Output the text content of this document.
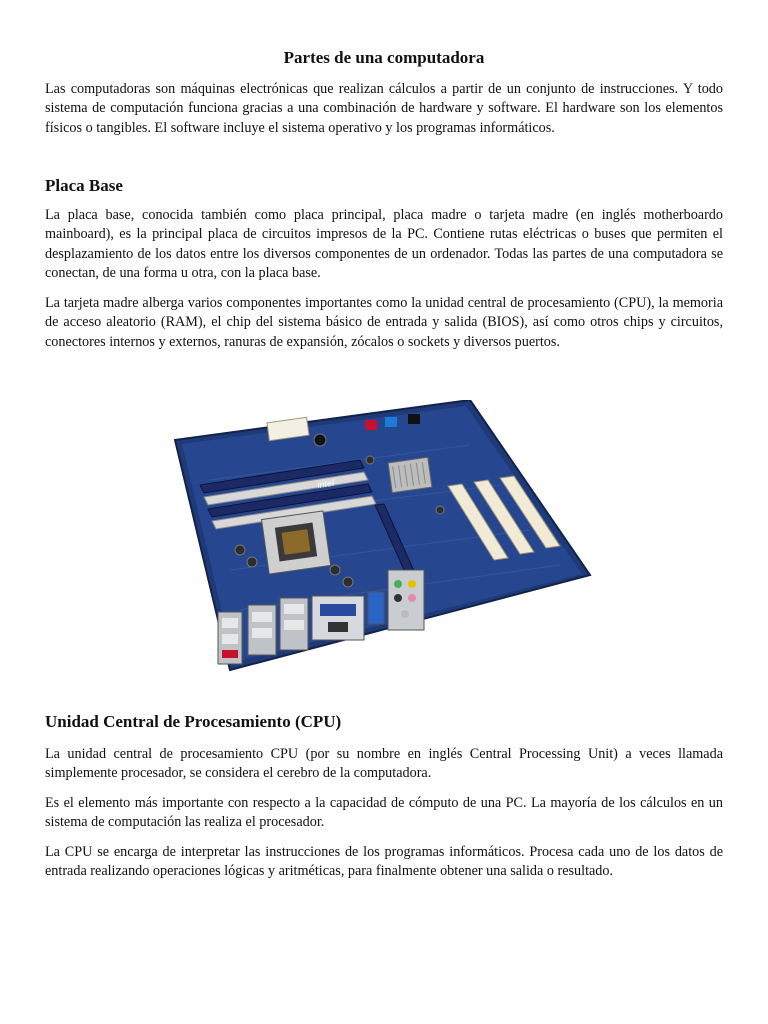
Partes de una computadora

Las computadoras son máquinas electrónicas que realizan cálculos a partir de un conjunto de instrucciones. Y todo sistema de computación funciona gracias a una combinación de hardware y software. El hardware son los elementos físicos o tangibles. El software incluye el sistema operativo y los programas informáticos.

Placa Base

La placa base, conocida también como placa principal, placa madre o tarjeta madre (en inglés motherboardo mainboard), es la principal placa de circuitos impresos de la PC. Contiene rutas eléctricas o buses que permiten el desplazamiento de los datos entre los diversos componentes de un ordenador. Todas las partes de una computadora se conectan, de una forma u otra, con la placa base.

La tarjeta madre alberga varios componentes importantes como la unidad central de procesamiento (CPU), la memoria de acceso aleatorio (RAM), el chip del sistema básico de entrada y salida (BIOS), así como otros chips y circuitos, conectores internos y externos, ranuras de expansión, zócalos o sockets y diversos puertos.

intel
Unidad Central de Procesamiento (CPU)

La unidad central de procesamiento CPU (por su nombre en inglés Central Processing Unit) a veces llamada simplemente procesador, se considera el cerebro de la computadora.

Es el elemento más importante con respecto a la capacidad de cómputo de una PC. La mayoría de los cálculos en un sistema de computación las realiza el procesador.

La CPU se encarga de interpretar las instrucciones de los programas informáticos. Procesa cada uno de los datos de entrada realizando operaciones lógicas y aritméticas, para finalmente obtener una salida o resultado.
